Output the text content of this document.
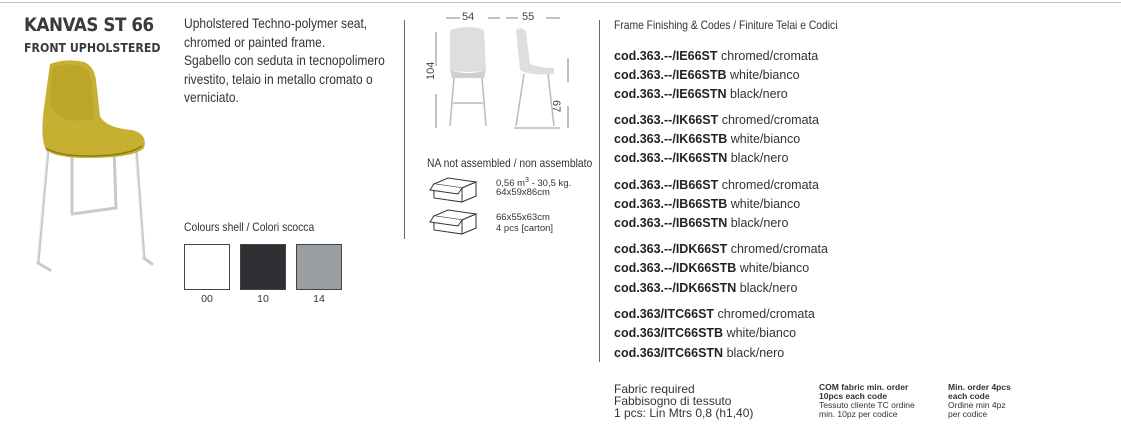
KANVAS ST 66
FRONT UPHOLSTERED
Upholstered Techno-polymer seat,
chromed or painted frame.
Sgabello con seduta in tecnopolimero
rivestito, telaio in metallo cromato o
verniciato.
Colours shell / Colori scocca
00	10	14
54	55
104
67
NA not assembled / non assemblato
0,56 $m^3 - 30,5$ kg.
64x59x86cm
66x55x63cm
4 pcs [carton]
Frame Finishing & Codes / Finiture Telai e Codici
cod.363.--/IE66ST chromed/cromata
cod.363.--/IE66STB white/bianco
cod.363.--/IE66STN black/nero
cod.363.--/IK66ST chromed/cromata
cod.363.--/IK66STB white/bianco
cod.363.--/IK66STN black/nero
cod.363.--/IB66ST chromed/cromata
cod.363.--/IB66STB white/bianco
cod.363.--/IB66STN black/nero
cod.363.--/IDK66ST chromed/cromata
cod.363.--/IDK66STB white/bianco
cod.363.--/IDK66STN black/nero
cod.363/ITC66ST chromed/cromata
cod.363/ITC66STB white/bianco
cod.363/ITC66STN black/nero
Fabric required
Fabbisogno di tessuto
1 pcs: Lin Mtrs 0,8 (h1,40)
COM fabric min. order
10pcs each code
Tessuto cliente TC ordine
min. 10pz per codice
Min. order 4pcs
each code
Ordine min 4pz
per codice
